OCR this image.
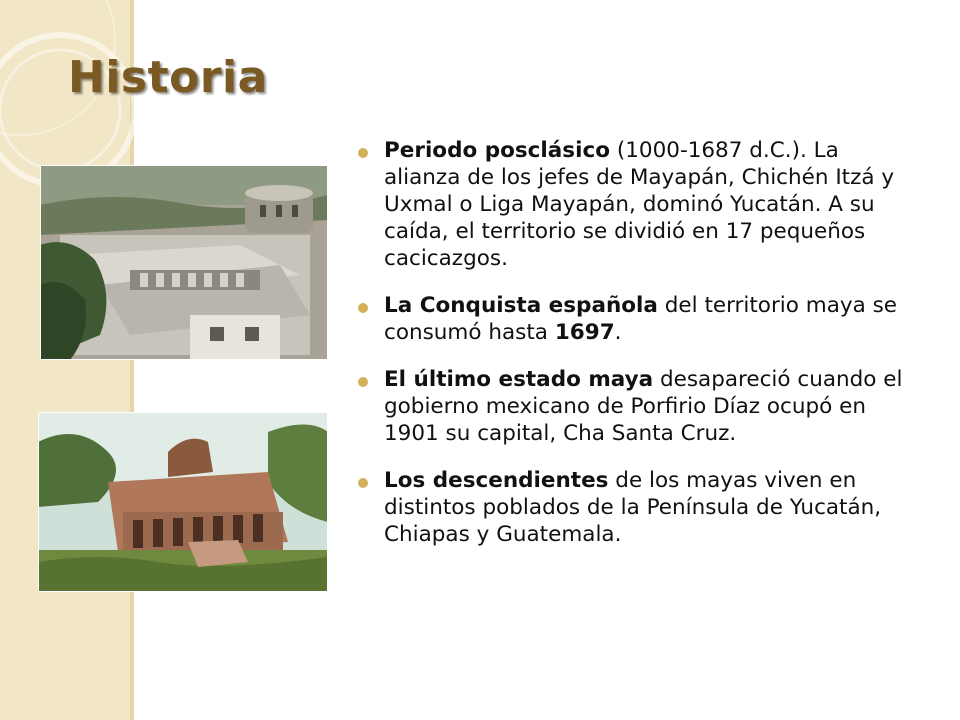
Historia
Periodo posclásico (1000-1687 d.C.). La alianza de los jefes de Mayapán, Chichén Itzá y Uxmal o Liga Mayapán, dominó Yucatán. A su caída, el territorio se dividió en 17 pequeños cacicazgos.
La Conquista española del territorio maya se consumó hasta 1697.
El último estado maya desapareció cuando el gobierno mexicano de Porfirio Díaz ocupó en 1901 su capital, Cha Santa Cruz.
Los descendientes de los mayas viven en distintos poblados de la Península de Yucatán, Chiapas y Guatemala.
